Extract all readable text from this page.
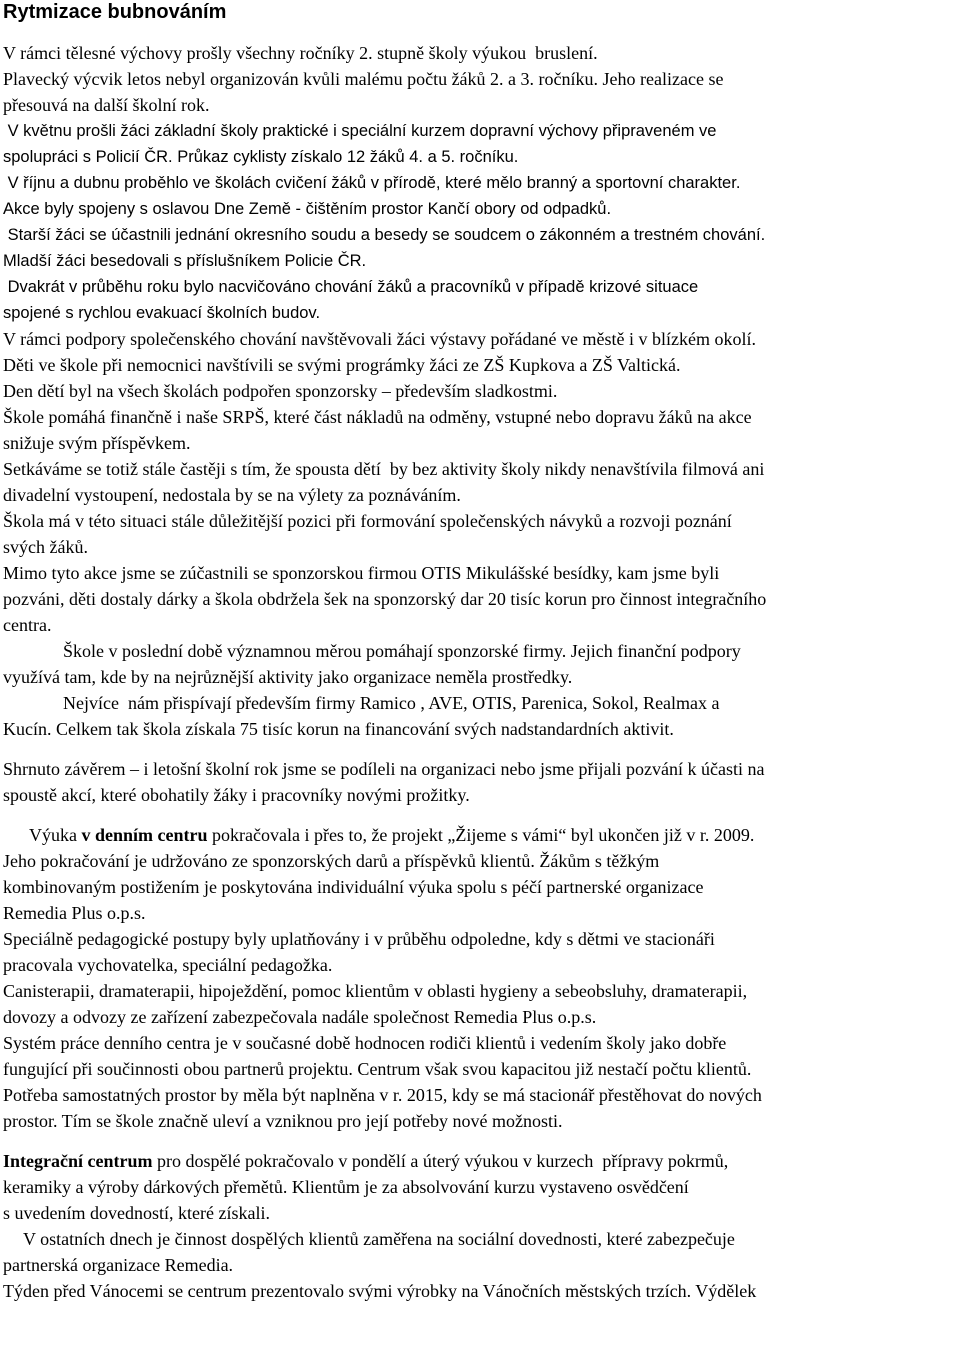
Rytmizace bubnováním
V rámci tělesné výchovy prošly všechny ročníky 2. stupně školy výukou  bruslení.
Plavecký výcvik letos nebyl organizován kvůli malému počtu žáků 2. a 3. ročníku. Jeho realizace se
přesouvá na další školní rok.
V květnu prošli žáci základní školy praktické i speciální kurzem dopravní výchovy připraveném ve
spolupráci s Policií ČR. Průkaz cyklisty získalo 12 žáků 4. a 5. ročníku.
V říjnu a dubnu proběhlo ve školách cvičení žáků v přírodě, které mělo branný a sportovní charakter.
Akce byly spojeny s oslavou Dne Země - čištěním prostor Kančí obory od odpadků.
Starší žáci se účastnili jednání okresního soudu a besedy se soudcem o zákonném a trestném chování.
Mladší žáci besedovali s příslušníkem Policie ČR.
Dvakrát v průběhu roku bylo nacvičováno chování žáků a pracovníků v případě krizové situace
spojené s rychlou evakuací školních budov.
V rámci podpory společenského chování navštěvovali žáci výstavy pořádané ve městě i v blízkém okolí.
Děti ve škole při nemocnici navštívili se svými prográmky žáci ze ZŠ Kupkova a ZŠ Valtická.
Den dětí byl na všech školách podpořen sponzorsky – především sladkostmi.
Škole pomáhá finančně i naše SRPŠ, které část nákladů na odměny, vstupné nebo dopravu žáků na akce
snižuje svým příspěvkem.
Setkáváme se totiž stále častěji s tím, že spousta dětí  by bez aktivity školy nikdy nenavštívila filmová ani
divadelní vystoupení, nedostala by se na výlety za poznáváním.
Škola má v této situaci stále důležitější pozici při formování společenských návyků a rozvoji poznání
svých žáků.
Mimo tyto akce jsme se zúčastnili se sponzorskou firmou OTIS Mikulášské besídky, kam jsme byli
pozváni, děti dostaly dárky a škola obdržela šek na sponzorský dar 20 tisíc korun pro činnost integračního
centra.
Škole v poslední době významnou měrou pomáhají sponzorské firmy. Jejich finanční podpory
využívá tam, kde by na nejrůznější aktivity jako organizace neměla prostředky.
Nejvíce  nám přispívají především firmy Ramico , AVE, OTIS, Parenica, Sokol, Realmax a
Kucín. Celkem tak škola získala 75 tisíc korun na financování svých nadstandardních aktivit.
Shrnuto závěrem – i letošní školní rok jsme se podíleli na organizaci nebo jsme přijali pozvání k účasti na
spoustě akcí, které obohatily žáky i pracovníky novými prožitky.
Výuka v denním centru pokračovala i přes to, že projekt „Žijeme s vámi“ byl ukončen již v r. 2009.
Jeho pokračování je udržováno ze sponzorských darů a příspěvků klientů. Žákům s těžkým
kombinovaným postižením je poskytována individuální výuka spolu s péčí partnerské organizace
Remedia Plus o.p.s.
Speciálně pedagogické postupy byly uplatňovány i v průběhu odpoledne, kdy s dětmi ve stacionáři
pracovala vychovatelka, speciální pedagožka.
Canisterapii, dramaterapii, hipoježdění, pomoc klientům v oblasti hygieny a sebeobsluhy, dramaterapii,
dovozy a odvozy ze zařízení zabezpečovala nadále společnost Remedia Plus o.p.s.
Systém práce denního centra je v současné době hodnocen rodiči klientů i vedením školy jako dobře
fungující při součinnosti obou partnerů projektu. Centrum však svou kapacitou již nestačí počtu klientů.
Potřeba samostatných prostor by měla být naplněna v r. 2015, kdy se má stacionář přestěhovat do nových
prostor. Tím se škole značně uleví a vzniknou pro její potřeby nové možnosti.
Integrační centrum pro dospělé pokračovalo v pondělí a úterý výukou v kurzech  přípravy pokrmů,
keramiky a výroby dárkových přemětů. Klientům je za absolvování kurzu vystaveno osvědčení
s uvedením dovedností, které získali.
V ostatních dnech je činnost dospělých klientů zaměřena na sociální dovednosti, které zabezpečuje
partnerská organizace Remedia.
Týden před Vánocemi se centrum prezentovalo svými výrobky na Vánočních městských trzích. Výdělek
